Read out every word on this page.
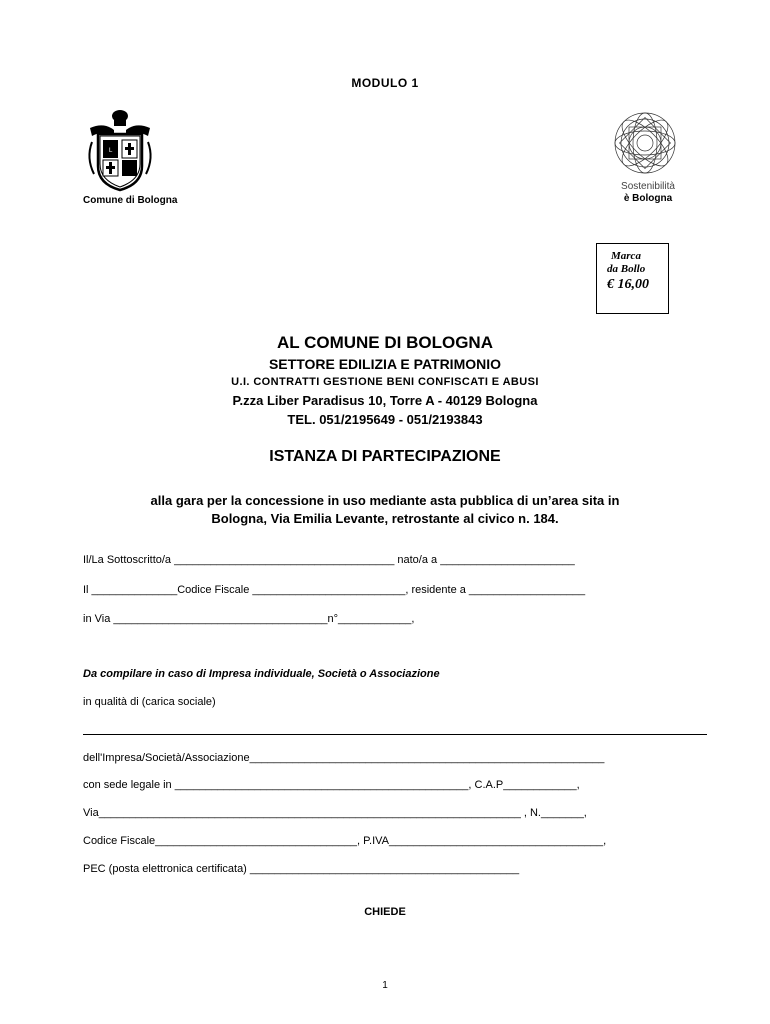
MODULO 1
L
Comune di Bologna
Sostenibilità
è Bologna
Marca
da Bollo
€ 16,00
AL COMUNE DI BOLOGNA
SETTORE EDILIZIA E PATRIMONIO
U.I. CONTRATTI GESTIONE BENI CONFISCATI E ABUSI
P.zza Liber Paradisus 10, Torre A - 40129 Bologna
TEL. 051/2195649 - 051/2193843
ISTANZA DI PARTECIPAZIONE
alla gara per la concessione in uso mediante asta pubblica di un’area sita in
Bologna, Via Emilia Levante, retrostante al civico n. 184.
Il/La Sottoscritto/a ____________________________________ nato/a a ______________________
Il ______________Codice Fiscale _________________________, residente a ___________________
in Via ___________________________________n°____________,
Da compilare in caso di Impresa individuale, Società o Associazione
in qualità di (carica sociale)
dell'Impresa/Società/Associazione__________________________________________________________
con sede legale in ________________________________________________, C.A.P____________,
Via_____________________________________________________________________ , N._______,
Codice Fiscale_________________________________, P.IVA___________________________________,
PEC (posta elettronica certificata) ____________________________________________
CHIEDE
1
